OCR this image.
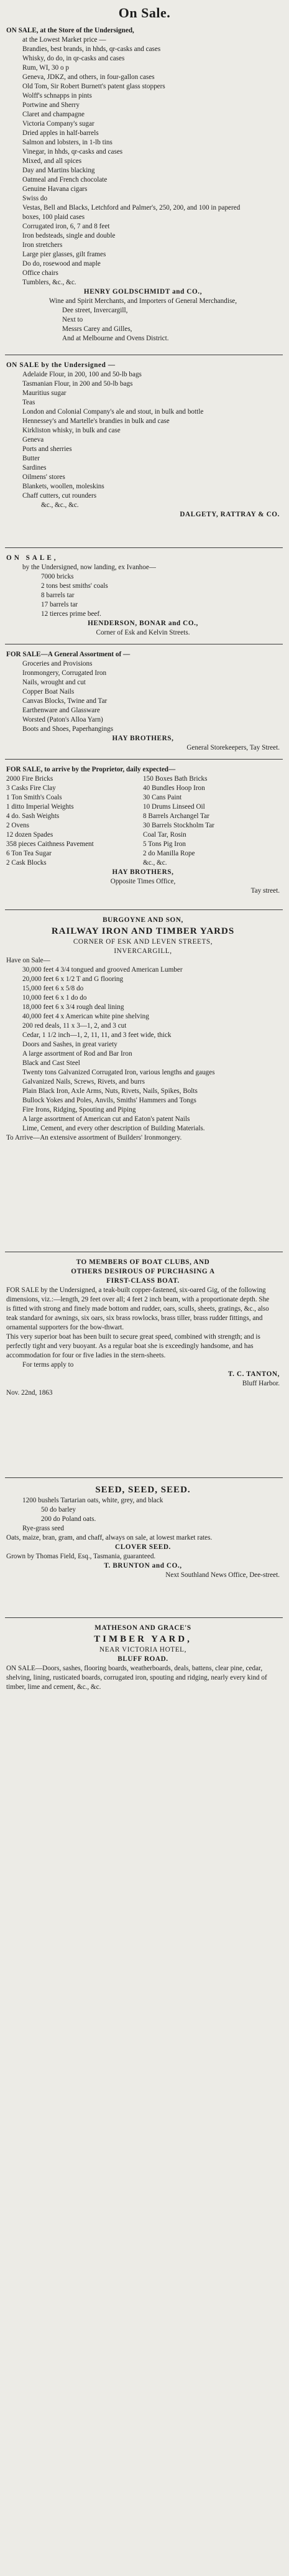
On Sale.

ON SALE, at the Store of the Undersigned,

at the Lowest Market price —

Brandies, best brands, in hhds, qr-casks and cases

Whisky, do do, in qr-casks and cases

Rum, WI, 30 o p

Geneva, JDKZ, and others, in four-gallon cases

Old Tom, Sir Robert Burnett's patent glass stoppers

Wolff's schnapps in pints

Portwine and Sherry

Claret and champagne

Victoria Company's sugar

Dried apples in half-barrels

Salmon and lobsters, in 1-lb tins

Vinegar, in hhds, qr-casks and cases

Mixed, and all spices

Day and Martins blacking

Oatmeal and French chocolate

Genuine Havana cigars

Swiss do

Vestas, Bell and Blacks, Letchford and Palmer's, 250, 200, and 100 in papered boxes, 100 plaid cases

Corrugated iron, 6, 7 and 8 feet

Iron bedsteads, single and double

Iron stretchers

Large pier glasses, gilt frames

Do do, rosewood and maple

Office chairs

Tumblers, &c., &c.

HENRY GOLDSCHMIDT and CO.,

Wine and Spirit Merchants, and Importers of General Merchandise,

Dee street, Invercargill,

Next to

Messrs Carey and Gilles,

And at Melbourne and Ovens District.

ON SALE by the Undersigned —

Adelaide Flour, in 200, 100 and 50-lb bags

Tasmanian Flour, in 200 and 50-lb bags

Mauritius sugar

Teas

London and Colonial Company's ale and stout, in bulk and bottle

Hennessey's and Martelle's brandies in bulk and case

Kirkliston whisky, in bulk and case

Geneva

Ports and sherries

Butter

Sardines

Oilmens' stores

Blankets, woollen, moleskins

Chaff cutters, cut rounders

&c., &c., &c.

DALGETY, RATTRAY & CO.

ON SALE,

by the Undersigned, now landing, ex Ivanhoe—

7000 bricks

2 tons best smiths' coals

8 barrels tar

17 barrels tar

12 tierces prime beef.

HENDERSON, BONAR and CO.,

Corner of Esk and Kelvin Streets.

FOR SALE—A General Assortment of —

Groceries and Provisions

Ironmongery, Corrugated Iron

Nails, wrought and cut

Copper Boat Nails

Canvas Blocks, Twine and Tar

Earthenware and Glassware

Worsted (Paton's Alloa Yarn)

Boots and Shoes, Paperhangings

HAY BROTHERS,

General Storekeepers, Tay Street.

FOR SALE, to arrive by the Proprietor, daily expected—

2000 Fire Bricks	150 Boxes Bath Bricks
3 Casks Fire Clay	40 Bundles Hoop Iron
1 Ton Smith's Coals	30 Cans Paint
1 ditto Imperial Weights	10 Drums Linseed Oil
4 do. Sash Weights	8 Barrels Archangel Tar
2 Ovens	30 Barrels Stockholm Tar
12 dozen Spades	Coal Tar, Rosin
358 pieces Caithness Pavement	5 Tons Pig Iron
6 Ton Tea Sugar	2 do Manilla Rope
2 Cask Blocks	&c., &c.

HAY BROTHERS,

Opposite Times Office,

Tay street.

BURGOYNE AND SON,

RAILWAY IRON AND TIMBER YARDS

CORNER OF ESK AND LEVEN STREETS,

INVERCARGILL,

Have on Sale—

30,000 feet 4 3/4 tongued and grooved American Lumber

20,000 feet 6 x 1/2 T and G flooring

15,000 feet 6 x 5/8 do

10,000 feet 6 x 1 do do

18,000 feet 6 x 3/4 rough deal lining

40,000 feet 4 x American white pine shelving

200 red deals, 11 x 3—1, 2, and 3 cut

Cedar, 1 1/2 inch—1, 2, 11, 11, and 3 feet wide, thick

Doors and Sashes, in great variety

A large assortment of Rod and Bar Iron

Black and Cast Steel

Twenty tons Galvanized Corrugated Iron, various lengths and gauges

Galvanized Nails, Screws, Rivets, and burrs

Plain Black Iron, Axle Arms, Nuts, Rivets, Nails, Spikes, Bolts

Bullock Yokes and Poles, Anvils, Smiths' Hammers and Tongs

Fire Irons, Ridging, Spouting and Piping

A large assortment of American cut and Eaton's patent Nails

Lime, Cement, and every other description of Building Materials.

To Arrive—An extensive assortment of Builders' Ironmongery.

TO MEMBERS OF BOAT CLUBS, AND

OTHERS DESIROUS OF PURCHASING A

FIRST-CLASS BOAT.

FOR SALE by the Undersigned, a teak-built copper-fastened, six-oared Gig, of the following dimensions, viz.:—length, 29 feet over all; 4 feet 2 inch beam, with a proportionate depth. She is fitted with strong and finely made bottom and rudder, oars, sculls, sheets, gratings, &c., also teak standard for awnings, six oars, six brass rowlocks, brass tiller, brass rudder fittings, and ornamental supporters for the bow-thwart.

This very superior boat has been built to secure great speed, combined with strength; and is perfectly tight and very buoyant. As a regular boat she is exceedingly handsome, and has accommodation for four or five ladies in the stern-sheets.

For terms apply to

T. C. TANTON,

Bluff Harbor.

Nov. 22nd, 1863

SEED, SEED, SEED.

1200 bushels Tartarian oats, white, grey, and black

50 do barley

200 do Poland oats.

Rye-grass seed

Oats, maize, bran, gram, and chaff, always on sale, at lowest market rates.

CLOVER SEED.

Grown by Thomas Field, Esq., Tasmania, guaranteed.

T. BRUNTON and CO.,

Next Southland News Office, Dee-street.

MATHESON AND GRACE'S

TIMBER YARD,

NEAR VICTORIA HOTEL,

BLUFF ROAD.

ON SALE—Doors, sashes, flooring boards, weatherboards, deals, battens, clear pine, cedar, shelving, lining, rusticated boards, corrugated iron, spouting and ridging, nearly every kind of timber, lime and cement, &c., &c.
